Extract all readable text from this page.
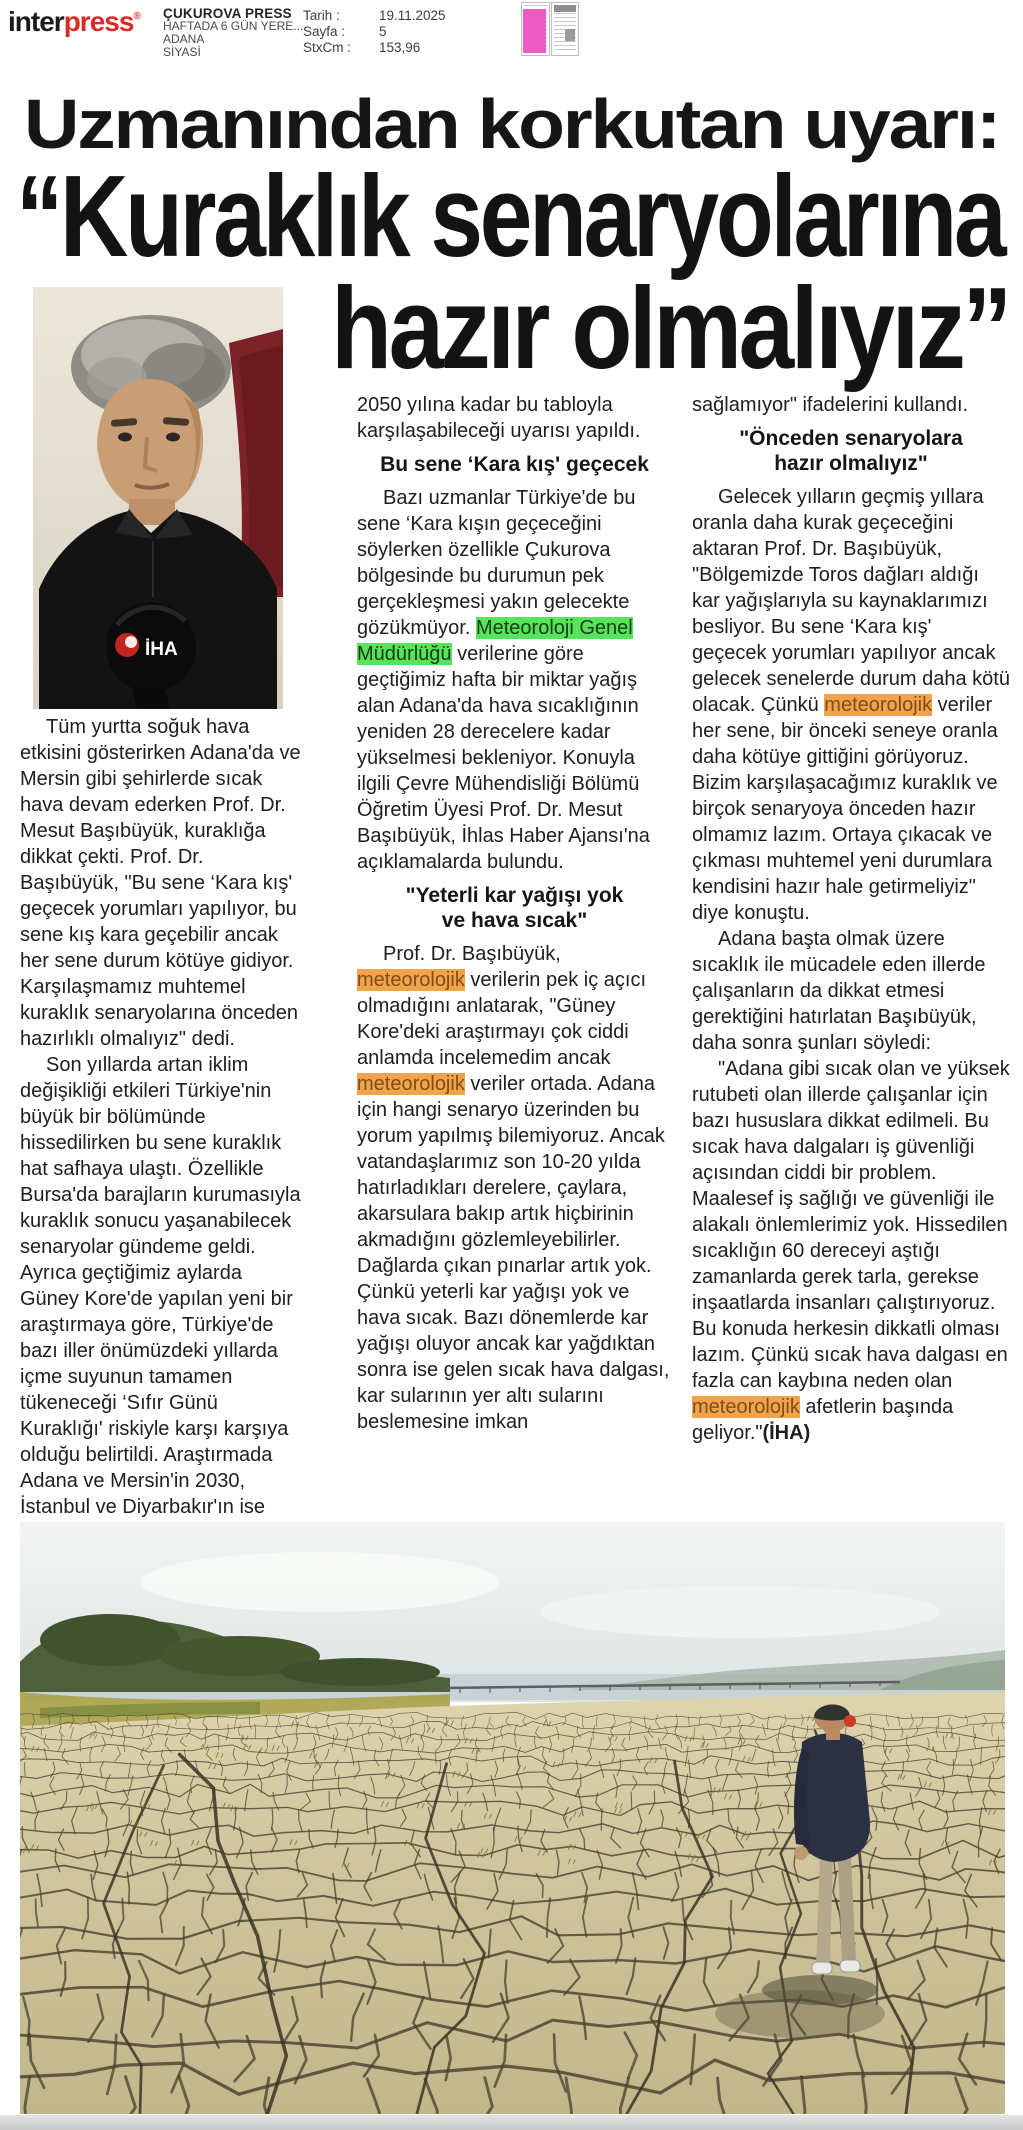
interpress® ÇUKUROVA PRESS
HAFTADA 6 GÜN YERE...
ADANA
SİYASİ
Tarih :	19.11.2025
Sayfa :	5
StxCm :	153,96
Uzmanından korkutan uyarı:
“Kuraklık senaryolarına
hazır olmalıyız”
İHA

Tüm yurtta soğuk hava etkisini gösterirken Adana'da ve Mersin gibi şehirlerde sıcak hava devam ederken Prof. Dr. Mesut Başıbüyük, kuraklığa dikkat çekti. Prof. Dr. Başıbüyük, "Bu sene ‘Kara kış' geçecek yorumları yapılıyor, bu sene kış kara geçebilir ancak her sene durum kötüye gidiyor. Karşılaşmamız muhtemel kuraklık senaryolarına önceden hazırlıklı olmalıyız" dedi.

Son yıllarda artan iklim değişikliği etkileri Türkiye'nin büyük bir bölümünde hissedilirken bu sene kuraklık hat safhaya ulaştı. Özellikle Bursa'da barajların kurumasıyla kuraklık sonucu yaşanabilecek senaryolar gündeme geldi. Ayrıca geçtiğimiz aylarda Güney Kore'de yapılan yeni bir araştırmaya göre, Türkiye'de bazı iller önümüzdeki yıllarda içme suyunun tamamen tükeneceği ‘Sıfır Günü Kuraklığı' riskiyle karşı karşıya olduğu belirtildi. Araştırmada Adana ve Mersin'in 2030, İstanbul ve Diyarbakır'ın ise

2050 yılına kadar bu tabloyla karşılaşabileceği uyarısı yapıldı.

Bu sene ‘Kara kış' geçecek

Bazı uzmanlar Türkiye'de bu sene ‘Kara kışın geçeceğini söylerken özellikle Çukurova bölgesinde bu durumun pek gerçekleşmesi yakın gelecekte gözükmüyor. Meteoroloji Genel Müdürlüğü verilerine göre geçtiğimiz hafta bir miktar yağış alan Adana'da hava sıcaklığının yeniden 28 derecelere kadar yükselmesi bekleniyor. Konuyla ilgili Çevre Mühendisliği Bölümü Öğretim Üyesi Prof. Dr. Mesut Başıbüyük, İhlas Haber Ajansı'na açıklamalarda bulundu.

"Yeterli kar yağışı yok
ve hava sıcak"

Prof. Dr. Başıbüyük, meteorolojik verilerin pek iç açıcı olmadığını anlatarak, "Güney Kore'deki araştırmayı çok ciddi anlamda incelemedim ancak meteorolojik veriler ortada. Adana için hangi senaryo üzerinden bu yorum yapılmış bilemiyoruz. Ancak vatandaşlarımız son 10-20 yılda hatırladıkları derelere, çaylara, akarsulara bakıp artık hiçbirinin akmadığını gözlemleyebilirler. Dağlarda çıkan pınarlar artık yok. Çünkü yeterli kar yağışı yok ve hava sıcak. Bazı dönemlerde kar yağışı oluyor ancak kar yağdıktan sonra ise gelen sıcak hava dalgası, kar sularının yer altı sularını beslemesine imkan

sağlamıyor" ifadelerini kullandı.

"Önceden senaryolara
hazır olmalıyız"

Gelecek yılların geçmiş yıllara oranla daha kurak geçeceğini aktaran Prof. Dr. Başıbüyük, "Bölgemizde Toros dağları aldığı kar yağışlarıyla su kaynaklarımızı besliyor. Bu sene ‘Kara kış' geçecek yorumları yapılıyor ancak gelecek senelerde durum daha kötü olacak. Çünkü meteorolojik veriler her sene, bir önceki seneye oranla daha kötüye gittiğini görüyoruz. Bizim karşılaşacağımız kuraklık ve birçok senaryoya önceden hazır olmamız lazım. Ortaya çıkacak ve çıkması muhtemel yeni durumlara kendisini hazır hale getirmeliyiz" diye konuştu.

Adana başta olmak üzere sıcaklık ile mücadele eden illerde çalışanların da dikkat etmesi gerektiğini hatırlatan Başıbüyük, daha sonra şunları söyledi:

"Adana gibi sıcak olan ve yüksek rutubeti olan illerde çalışanlar için bazı hususlara dikkat edilmeli. Bu sıcak hava dalgaları iş güvenliği açısından ciddi bir problem. Maalesef iş sağlığı ve güvenliği ile alakalı önlemlerimiz yok. Hissedilen sıcaklığın 60 dereceyi aştığı zamanlarda gerek tarla, gerekse inşaatlarda insanları çalıştırıyoruz. Bu konuda herkesin dikkatli olması lazım. Çünkü sıcak hava dalgası en fazla can kaybına neden olan meteorolojik afetlerin başında geliyor."(İHA)
